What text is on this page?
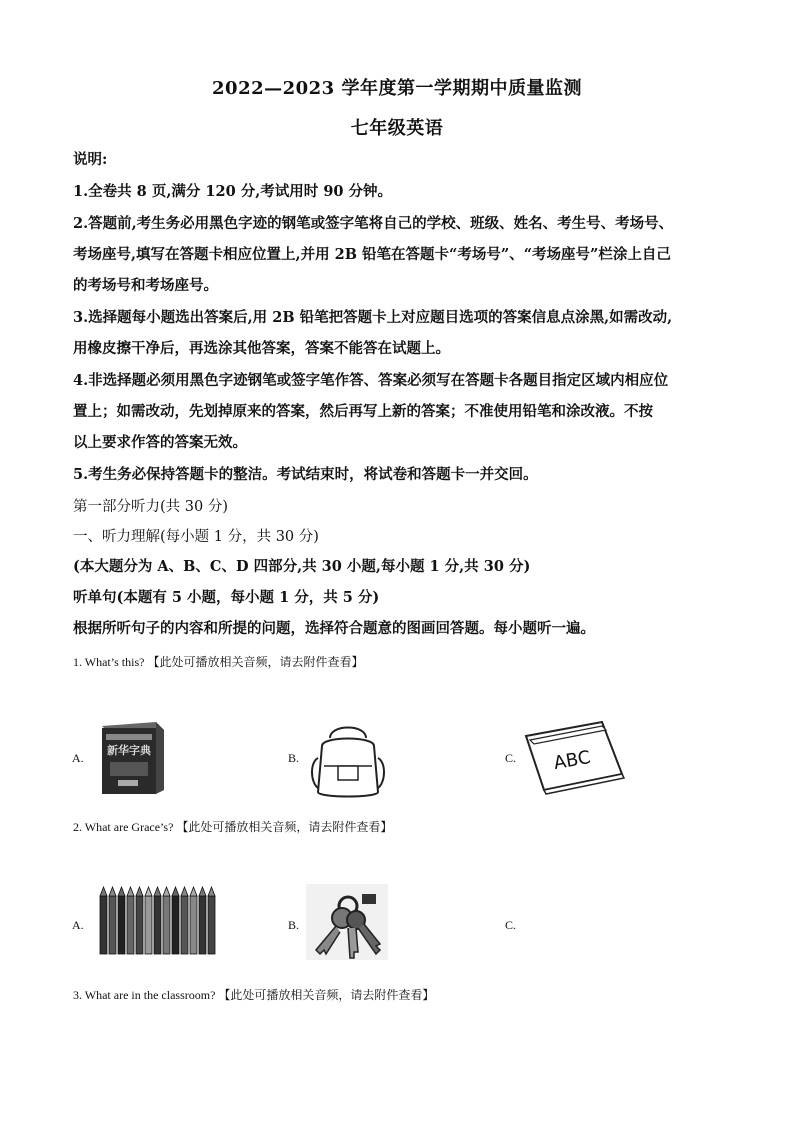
2022—2023 学年度第一学期期中质量监测
七年级英语
说明:
1.全卷共 8 页,满分 120 分,考试用时 90 分钟。
2.答题前,考生务必用黑色字迹的钢笔或签字笔将自己的学校、班级、姓名、考生号、考场号、
考场座号,填写在答题卡相应位置上,并用 2B 铅笔在答题卡“考场号”、“考场座号”栏涂上自己
的考场号和考场座号。
3.选择题每小题选出答案后,用 2B 铅笔把答题卡上对应题目选项的答案信息点涂黑,如需改动,
用橡皮擦干净后，再选涂其他答案，答案不能答在试题上。
4.非选择题必须用黑色字迹钢笔或签字笔作答、答案必须写在答题卡各题目指定区域内相应位
置上；如需改动，先划掉原来的答案，然后再写上新的答案；不准使用铅笔和涂改液。不按
以上要求作答的答案无效。
5.考生务必保持答题卡的整洁。考试结束时，将试卷和答题卡一并交回。
第一部分听力(共 30 分)
一、听力理解(每小题 1 分，共 30 分)
(本大题分为 A、B、C、D 四部分,共 30 小题,每小题 1 分,共 30 分)
听单句(本题有 5 小题，每小题 1 分，共 5 分)
根据所听句子的内容和所提的问题，选择符合题意的图画回答题。每小题听一遍。
1. What’s this? 【此处可播放相关音频，请去附件查看】
A.
新华字典
B.	C. ABC
2. What are Grace’s? 【此处可播放相关音频，请去附件查看】
A.	B.	C.
3. What are in the classroom? 【此处可播放相关音频，请去附件查看】
